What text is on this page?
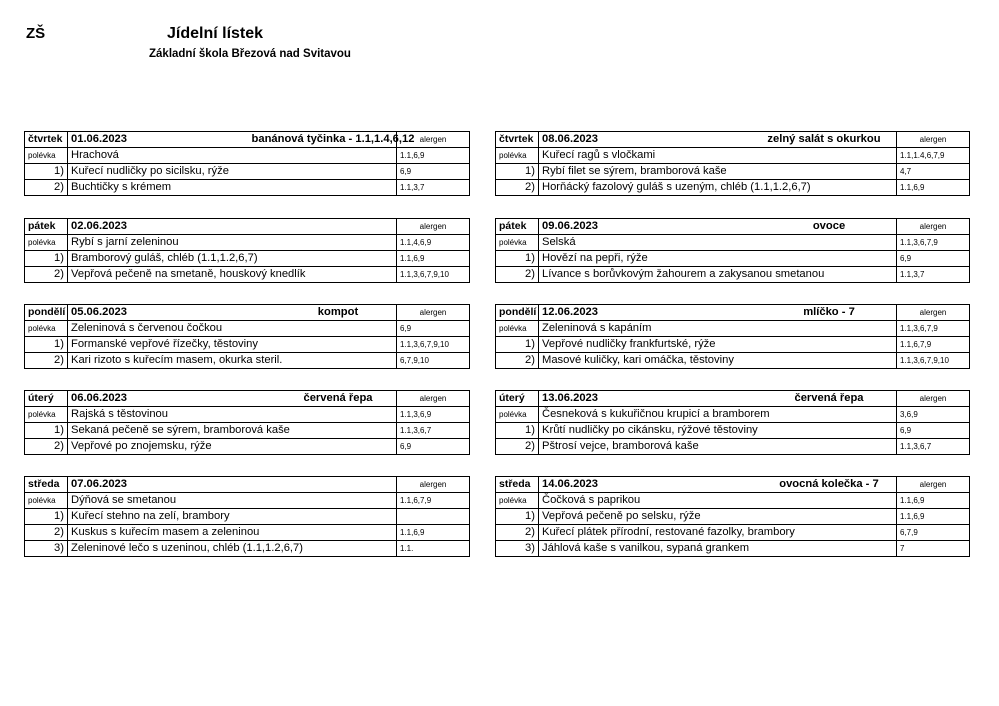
ZŠ	Jídelní lístek
Základní škola Březová nad Svitavou
čtvrtek	01.06.2023 banánová tyčinka - 1.1,1.4,6,12	alergen
polévka	Hrachová	1.1,6,9
1)	Kuřecí nudličky po sicilsku, rýže	6,9
2)	Buchtičky s krémem	1.1,3,7
čtvrtek	08.06.2023 zelný salát s okurkou	alergen
polévka	Kuřecí ragů s vločkami	1.1,1.4,6,7,9
1)	Rybí filet se sýrem, bramborová kaše	4,7
2)	Horňácký fazolový guláš s uzeným, chléb (1.1,1.2,6,7)	1.1,6,9
pátek	02.06.2023	alergen
polévka	Rybí s jarní zeleninou	1.1,4,6,9
1)	Bramborový guláš, chléb (1.1,1.2,6,7)	1.1,6,9
2)	Vepřová pečeně na smetaně, houskový knedlík	1.1,3,6,7,9,10
pátek	09.06.2023 ovoce	alergen
polévka	Selská	1.1,3,6,7,9
1)	Hovězí na pepři, rýže	6,9
2)	Lívance s borůvkovým žahourem a zakysanou smetanou	1.1,3,7
pondělí	05.06.2023 kompot	alergen
polévka	Zeleninová s červenou čočkou	6,9
1)	Formanské vepřové řízečky, těstoviny	1.1,3,6,7,9,10
2)	Kari rizoto s kuřecím masem, okurka steril.	6,7,9,10
pondělí	12.06.2023 mlíčko - 7	alergen
polévka	Zeleninová s kapáním	1.1,3,6,7,9
1)	Vepřové nudličky frankfurtské, rýže	1.1,6,7,9
2)	Masové kuličky, kari omáčka, těstoviny	1.1,3,6,7,9,10
úterý	06.06.2023 červená řepa	alergen
polévka	Rajská s těstovinou	1.1,3,6,9
1)	Sekaná pečeně se sýrem, bramborová kaše	1.1,3,6,7
2)	Vepřové po znojemsku, rýže	6,9
úterý	13.06.2023 červená řepa	alergen
polévka	Česneková s kukuřičnou krupicí a bramborem	3,6,9
1)	Krůtí nudličky po cikánsku, rýžové těstoviny	6,9
2)	Pštrosí vejce, bramborová kaše	1.1,3,6,7
středa	07.06.2023	alergen
polévka	Dýňová se smetanou	1.1,6,7,9
1)	Kuřecí stehno na zelí, brambory	
2)	Kuskus s kuřecím masem a zeleninou	1.1,6,9
3)	Zeleninové lečo s uzeninou, chléb (1.1,1.2,6,7)	1.1.
středa	14.06.2023 ovocná kolečka - 7	alergen
polévka	Čočková s paprikou	1.1,6,9
1)	Vepřová pečeně po selsku, rýže	1.1,6,9
2)	Kuřecí plátek přírodní, restované fazolky, brambory	6,7,9
3)	Jáhlová kaše s vanilkou, sypaná grankem	7
